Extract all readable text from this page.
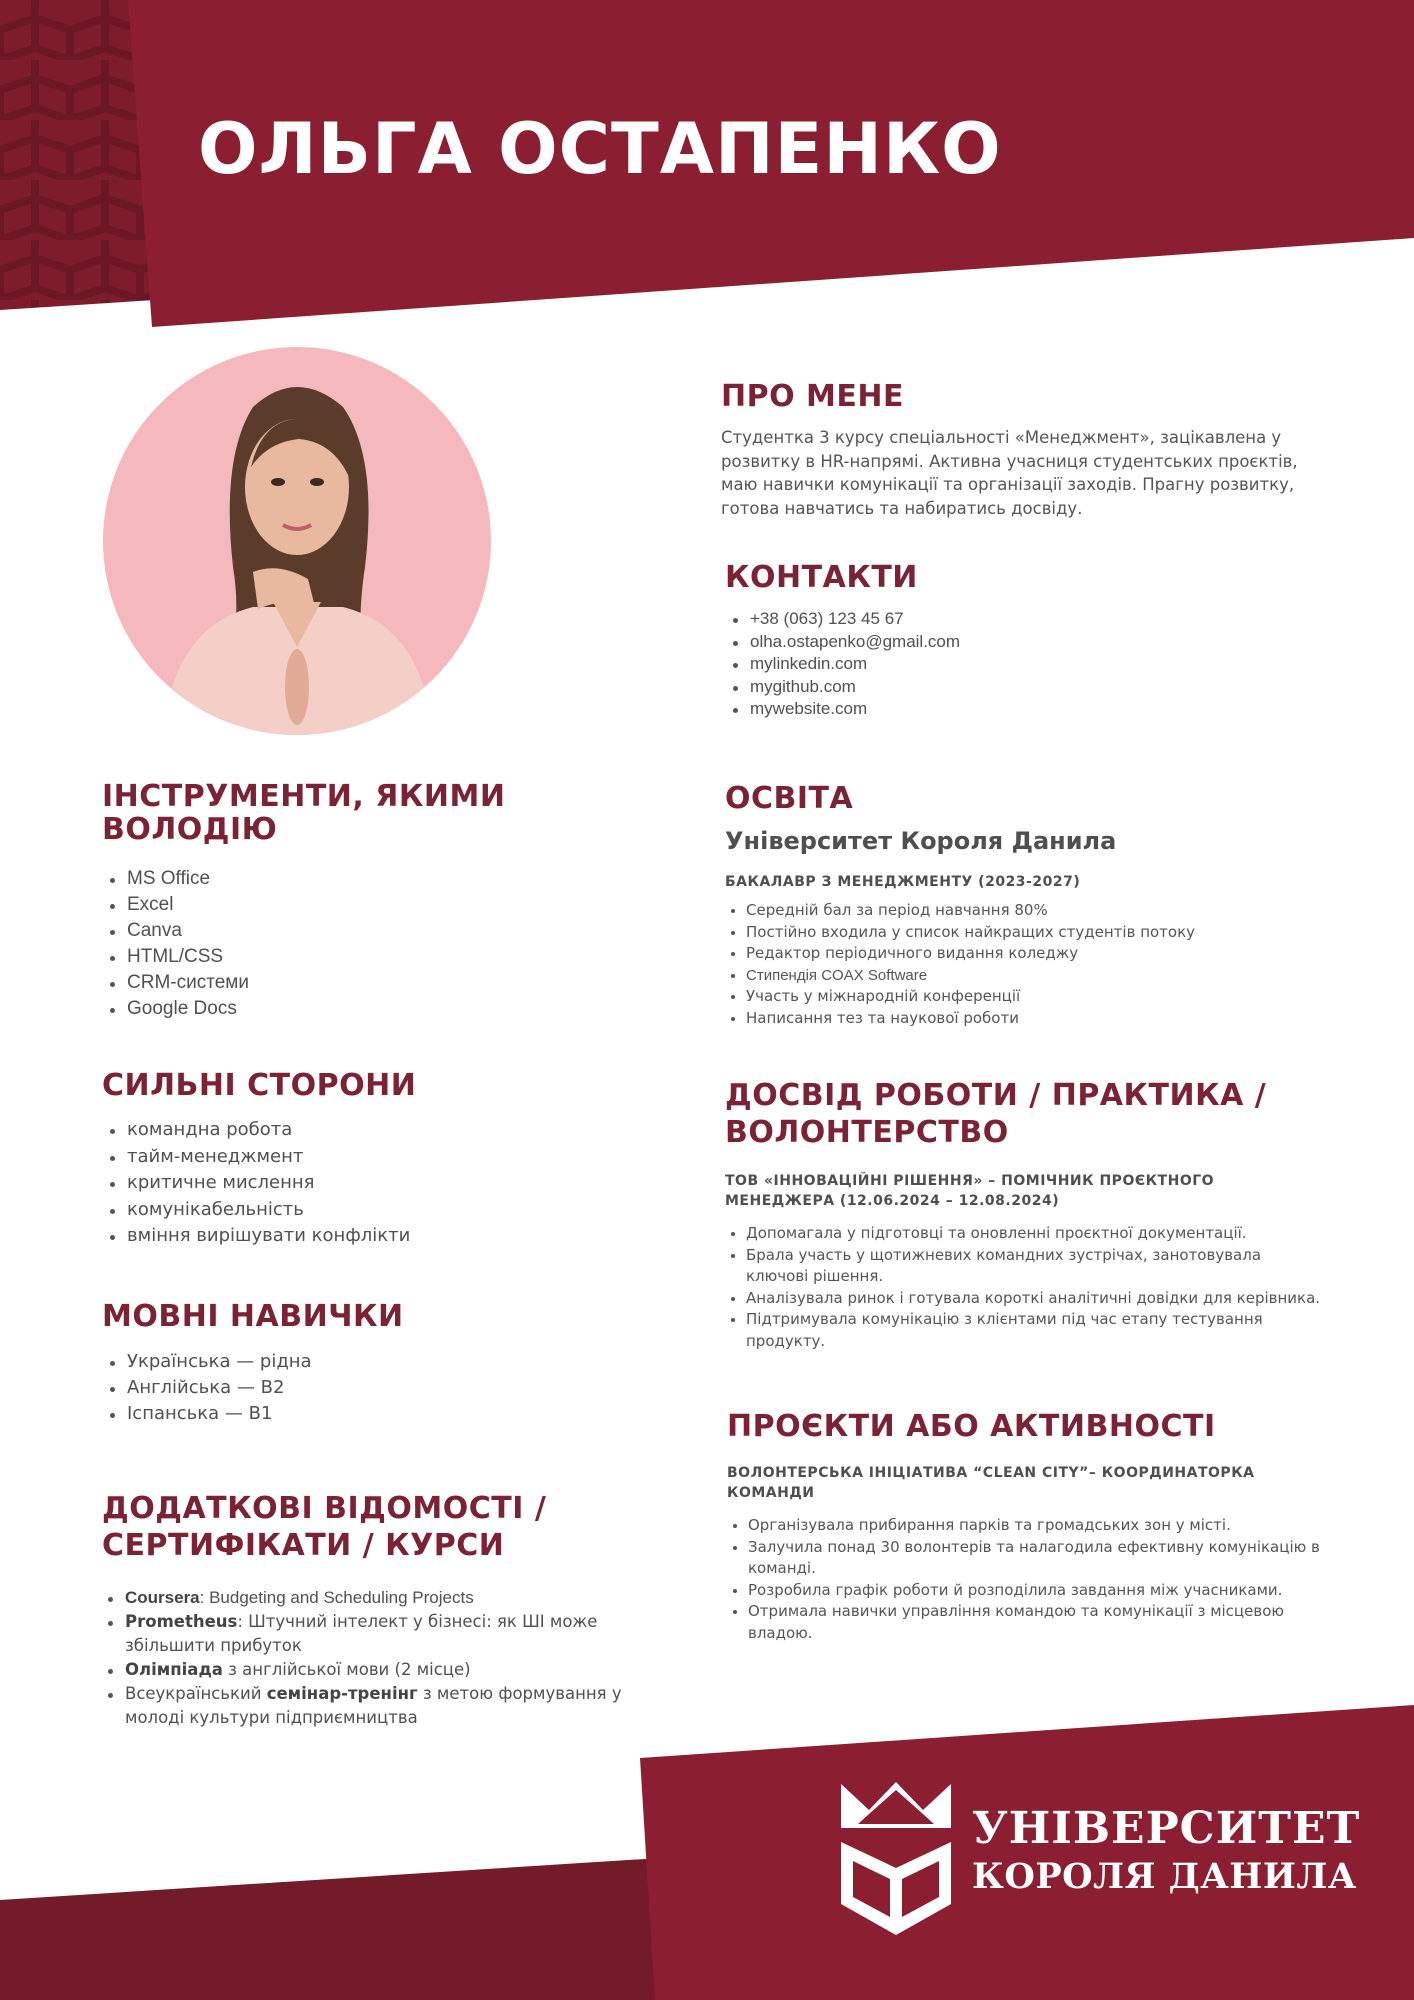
ОЛЬГА ОСТАПЕНКО
ІНСТРУМЕНТИ, ЯКИМИ ВОЛОДІЮ
MS Office
Excel
Canva
HTML/CSS
CRM-системи
Google Docs
СИЛЬНІ СТОРОНИ
командна робота
тайм-менеджмент
критичне мислення
комунікабельність
вміння вирішувати конфлікти
МОВНІ НАВИЧКИ
Українська — рідна
Англійська — B2
Іспанська — B1
ДОДАТКОВІ ВІДОМОСТІ / СЕРТИФІКАТИ / КУРСИ
Coursera: Budgeting and Scheduling Projects
Prometheus: Штучний інтелект у бізнесі: як ШІ може збільшити прибуток
Олімпіада з англійської мови (2 місце)
Всеукраїнський семінар-тренінг з метою формування у молоді культури підприємництва
ПРО МЕНЕ

Студентка 3 курсу спеціальності «Менеджмент», зацікавлена у розвитку в HR-напрямі. Активна учасниця студентських проєктів, маю навички комунікації та організації заходів. Прагну розвитку, готова навчатись та набиратись досвіду.

КОНТАКТИ
+38 (063) 123 45 67
olha.ostapenko@gmail.com
mylinkedin.com
mygithub.com
mywebsite.com
ОСВІТА
Університет Короля Данила
БАКАЛАВР З МЕНЕДЖМЕНТУ (2023-2027)
Середній бал за період навчання 80%
Постійно входила у список найкращих студентів потоку
Редактор періодичного видання коледжу
Стипендія COAX Software
Участь у міжнародній конференції
Написання тез та наукової роботи
ДОСВІД РОБОТИ / ПРАКТИКА / ВОЛОНТЕРСТВО
ТОВ «ІННОВАЦІЙНІ РІШЕННЯ» – ПОМІЧНИК ПРОЄКТНОГО МЕНЕДЖЕРА (12.06.2024 – 12.08.2024)
Допомагала у підготовці та оновленні проєктної документації.
Брала участь у щотижневих командних зустрічах, занотовувала ключові рішення.
Аналізувала ринок і готувала короткі аналітичні довідки для керівника.
Підтримувала комунікацію з клієнтами під час етапу тестування продукту.
ПРОЄКТИ АБО АКТИВНОСТІ
ВОЛОНТЕРСЬКА ІНІЦІАТИВА “CLEAN CITY”– КООРДИНАТОРКА КОМАНДИ
Організувала прибирання парків та громадських зон у місті.
Залучила понад 30 волонтерів та налагодила ефективну комунікацію в команді.
Розробила графік роботи й розподілила завдання між учасниками.
Отримала навички управління командою та комунікації з місцевою владою.
УНІВЕРСИТЕТ
КОРОЛЯ ДАНИЛА
